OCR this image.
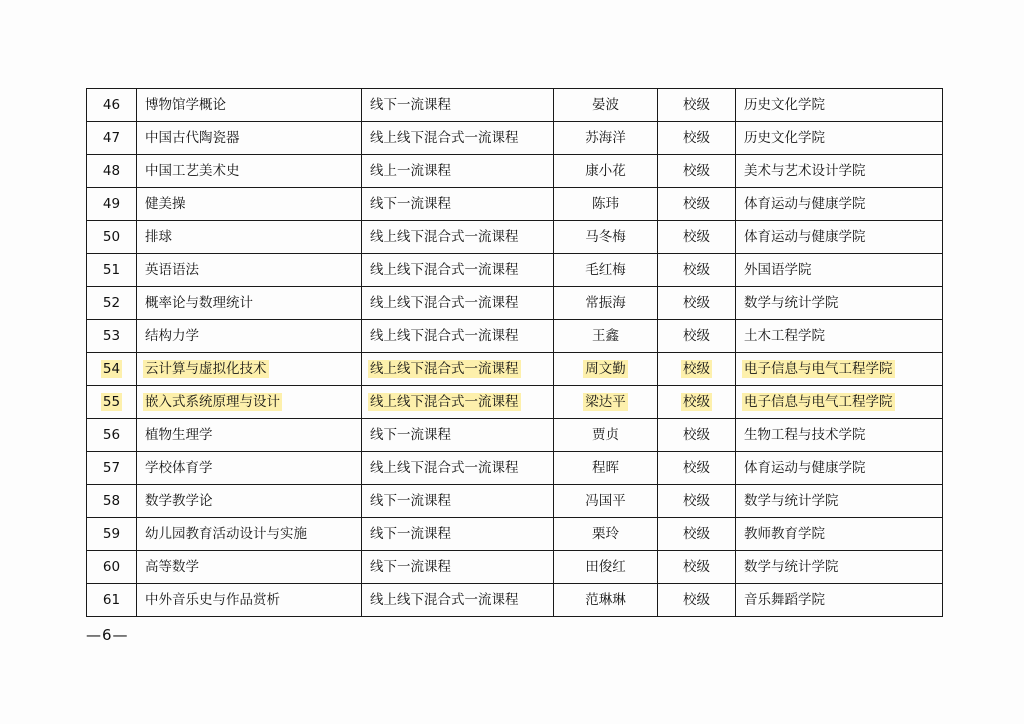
46	博物馆学概论	线下一流课程	晏波	校级	历史文化学院
47	中国古代陶瓷器	线上线下混合式一流课程	苏海洋	校级	历史文化学院
48	中国工艺美术史	线上一流课程	康小花	校级	美术与艺术设计学院
49	健美操	线下一流课程	陈玮	校级	体育运动与健康学院
50	排球	线上线下混合式一流课程	马冬梅	校级	体育运动与健康学院
51	英语语法	线上线下混合式一流课程	毛红梅	校级	外国语学院
52	概率论与数理统计	线上线下混合式一流课程	常振海	校级	数学与统计学院
53	结构力学	线上线下混合式一流课程	王鑫	校级	土木工程学院
54	云计算与虚拟化技术	线上线下混合式一流课程	周文勤	校级	电子信息与电气工程学院
55	嵌入式系统原理与设计	线上线下混合式一流课程	梁达平	校级	电子信息与电气工程学院
56	植物生理学	线下一流课程	贾贞	校级	生物工程与技术学院
57	学校体育学	线上线下混合式一流课程	程晖	校级	体育运动与健康学院
58	数学教学论	线下一流课程	冯国平	校级	数学与统计学院
59	幼儿园教育活动设计与实施	线下一流课程	栗玲	校级	教师教育学院
60	高等数学	线下一流课程	田俊红	校级	数学与统计学院
61	中外音乐史与作品赏析	线上线下混合式一流课程	范琳琳	校级	音乐舞蹈学院
—6—
